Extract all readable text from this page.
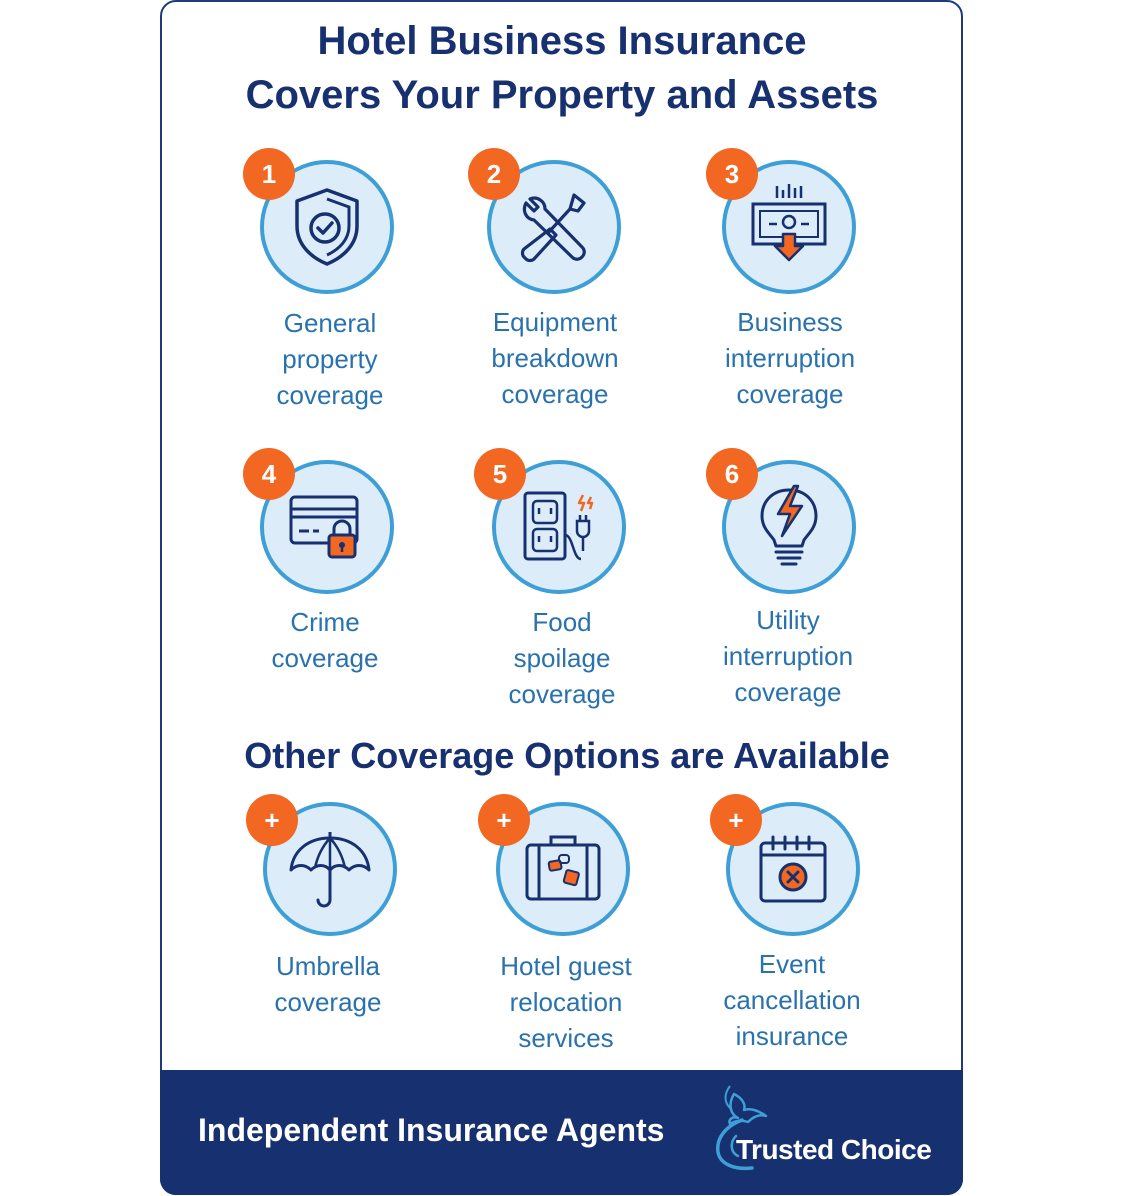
Hotel Business Insurance
Covers Your Property and Assets
1
General
property
coverage
2
Equipment
breakdown
coverage
3
Business
interruption
coverage
4
Crime
coverage
5
Food
spoilage
coverage
6
Utility
interruption
coverage
Other Coverage Options are Available
+
Umbrella
coverage
+
Hotel guest
relocation
services
+
Event
cancellation
insurance
Independent Insurance Agents
Trusted Choice
